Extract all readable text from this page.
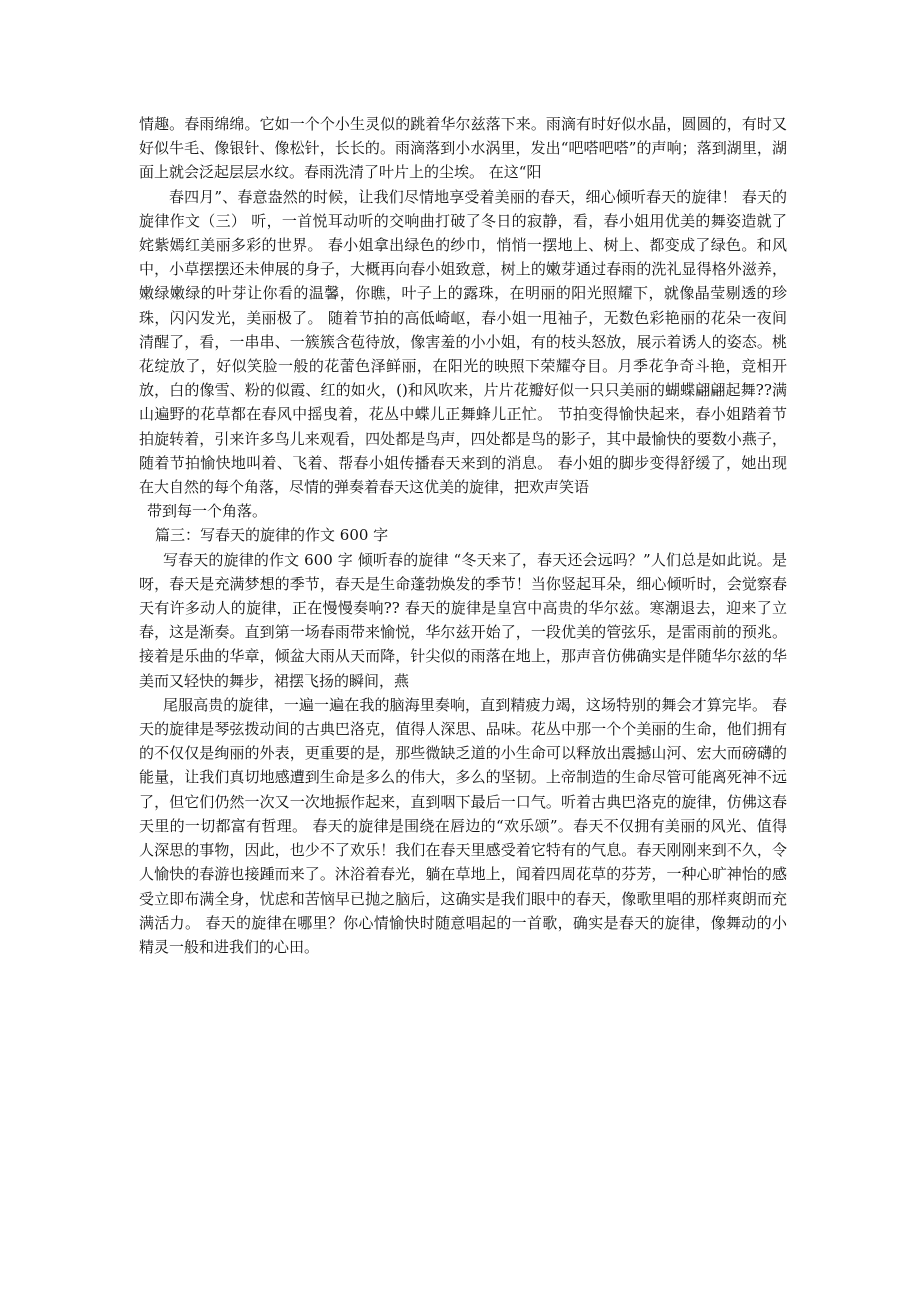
情趣。春雨绵绵。它如一个个小生灵似的跳着华尔兹落下来。雨滴有时好似水晶，圆圆的，有时又好似牛毛、像银针、像松针，长长的。雨滴落到小水涡里，发出“吧嗒吧嗒”的声响；落到湖里，湖面上就会泛起层层水纹。春雨洗清了叶片上的尘埃。 在这“阳

春四月”、春意盎然的时候，让我们尽情地享受着美丽的春天，细心倾听春天的旋律！ 春天的旋律作文（三） 听，一首悦耳动听的交响曲打破了冬日的寂静，看，春小姐用优美的舞姿造就了姹紫嫣红美丽多彩的世界。 春小姐拿出绿色的纱巾，悄悄一摆地上、树上、都变成了绿色。和风中，小草摆摆还未伸展的身子，大概再向春小姐致意，树上的嫩芽通过春雨的洗礼显得格外滋养，嫩绿嫩绿的叶芽让你看的温馨，你瞧，叶子上的露珠，在明丽的阳光照耀下，就像晶莹剔透的珍珠，闪闪发光，美丽极了。 随着节拍的高低崎岖，春小姐一甩袖子，无数色彩艳丽的花朵一夜间清醒了，看，一串串、一簇簇含苞待放，像害羞的小小姐，有的枝头怒放，展示着诱人的姿态。桃花绽放了，好似笑脸一般的花蕾色泽鲜丽，在阳光的映照下荣耀夺目。月季花争奇斗艳，竞相开放，白的像雪、粉的似霞、红的如火，()和风吹来，片片花瓣好似一只只美丽的蝴蝶翩翩起舞??满山遍野的花草都在春风中摇曳着，花丛中蝶儿正舞蜂儿正忙。 节拍变得愉快起来，春小姐踏着节拍旋转着，引来许多鸟儿来观看，四处都是鸟声，四处都是鸟的影子，其中最愉快的要数小燕子，随着节拍愉快地叫着、飞着、帮春小姐传播春天来到的消息。 春小姐的脚步变得舒缓了，她出现在大自然的每个角落，尽情的弹奏着春天这优美的旋律，把欢声笑语

带到每一个角落。

篇三：写春天的旋律的作文 600 字

写春天的旋律的作文 600 字 倾听春的旋律 “冬天来了，春天还会远吗？”人们总是如此说。是呀，春天是充满梦想的季节，春天是生命蓬勃焕发的季节！当你竖起耳朵，细心倾听时，会觉察春天有许多动人的旋律，正在慢慢奏响?? 春天的旋律是皇宫中高贵的华尔兹。寒潮退去，迎来了立春，这是渐奏。直到第一场春雨带来愉悦，华尔兹开始了，一段优美的管弦乐，是雷雨前的预兆。接着是乐曲的华章，倾盆大雨从天而降，针尖似的雨落在地上，那声音仿佛确实是伴随华尔兹的华美而又轻快的舞步，裙摆飞扬的瞬间，燕

尾服高贵的旋律，一遍一遍在我的脑海里奏响，直到精疲力竭，这场特别的舞会才算完毕。 春天的旋律是琴弦拨动间的古典巴洛克，值得人深思、品味。花丛中那一个个美丽的生命，他们拥有的不仅仅是绚丽的外表，更重要的是，那些微缺乏道的小生命可以释放出震撼山河、宏大而磅礴的能量，让我们真切地感遭到生命是多么的伟大，多么的坚韧。上帝制造的生命尽管可能离死神不远了，但它们仍然一次又一次地振作起来，直到咽下最后一口气。听着古典巴洛克的旋律，仿佛这春天里的一切都富有哲理。 春天的旋律是围绕在唇边的“欢乐颂”。春天不仅拥有美丽的风光、值得人深思的事物，因此，也少不了欢乐！我们在春天里感受着它特有的气息。春天刚刚来到不久，令人愉快的春游也接踵而来了。沐浴着春光，躺在草地上，闻着四周花草的芬芳，一种心旷神怡的感受立即布满全身，忧虑和苦恼早已抛之脑后，这确实是我们眼中的春天，像歌里唱的那样爽朗而充满活力。 春天的旋律在哪里？你心情愉快时随意唱起的一首歌，确实是春天的旋律，像舞动的小精灵一般和进我们的心田。
